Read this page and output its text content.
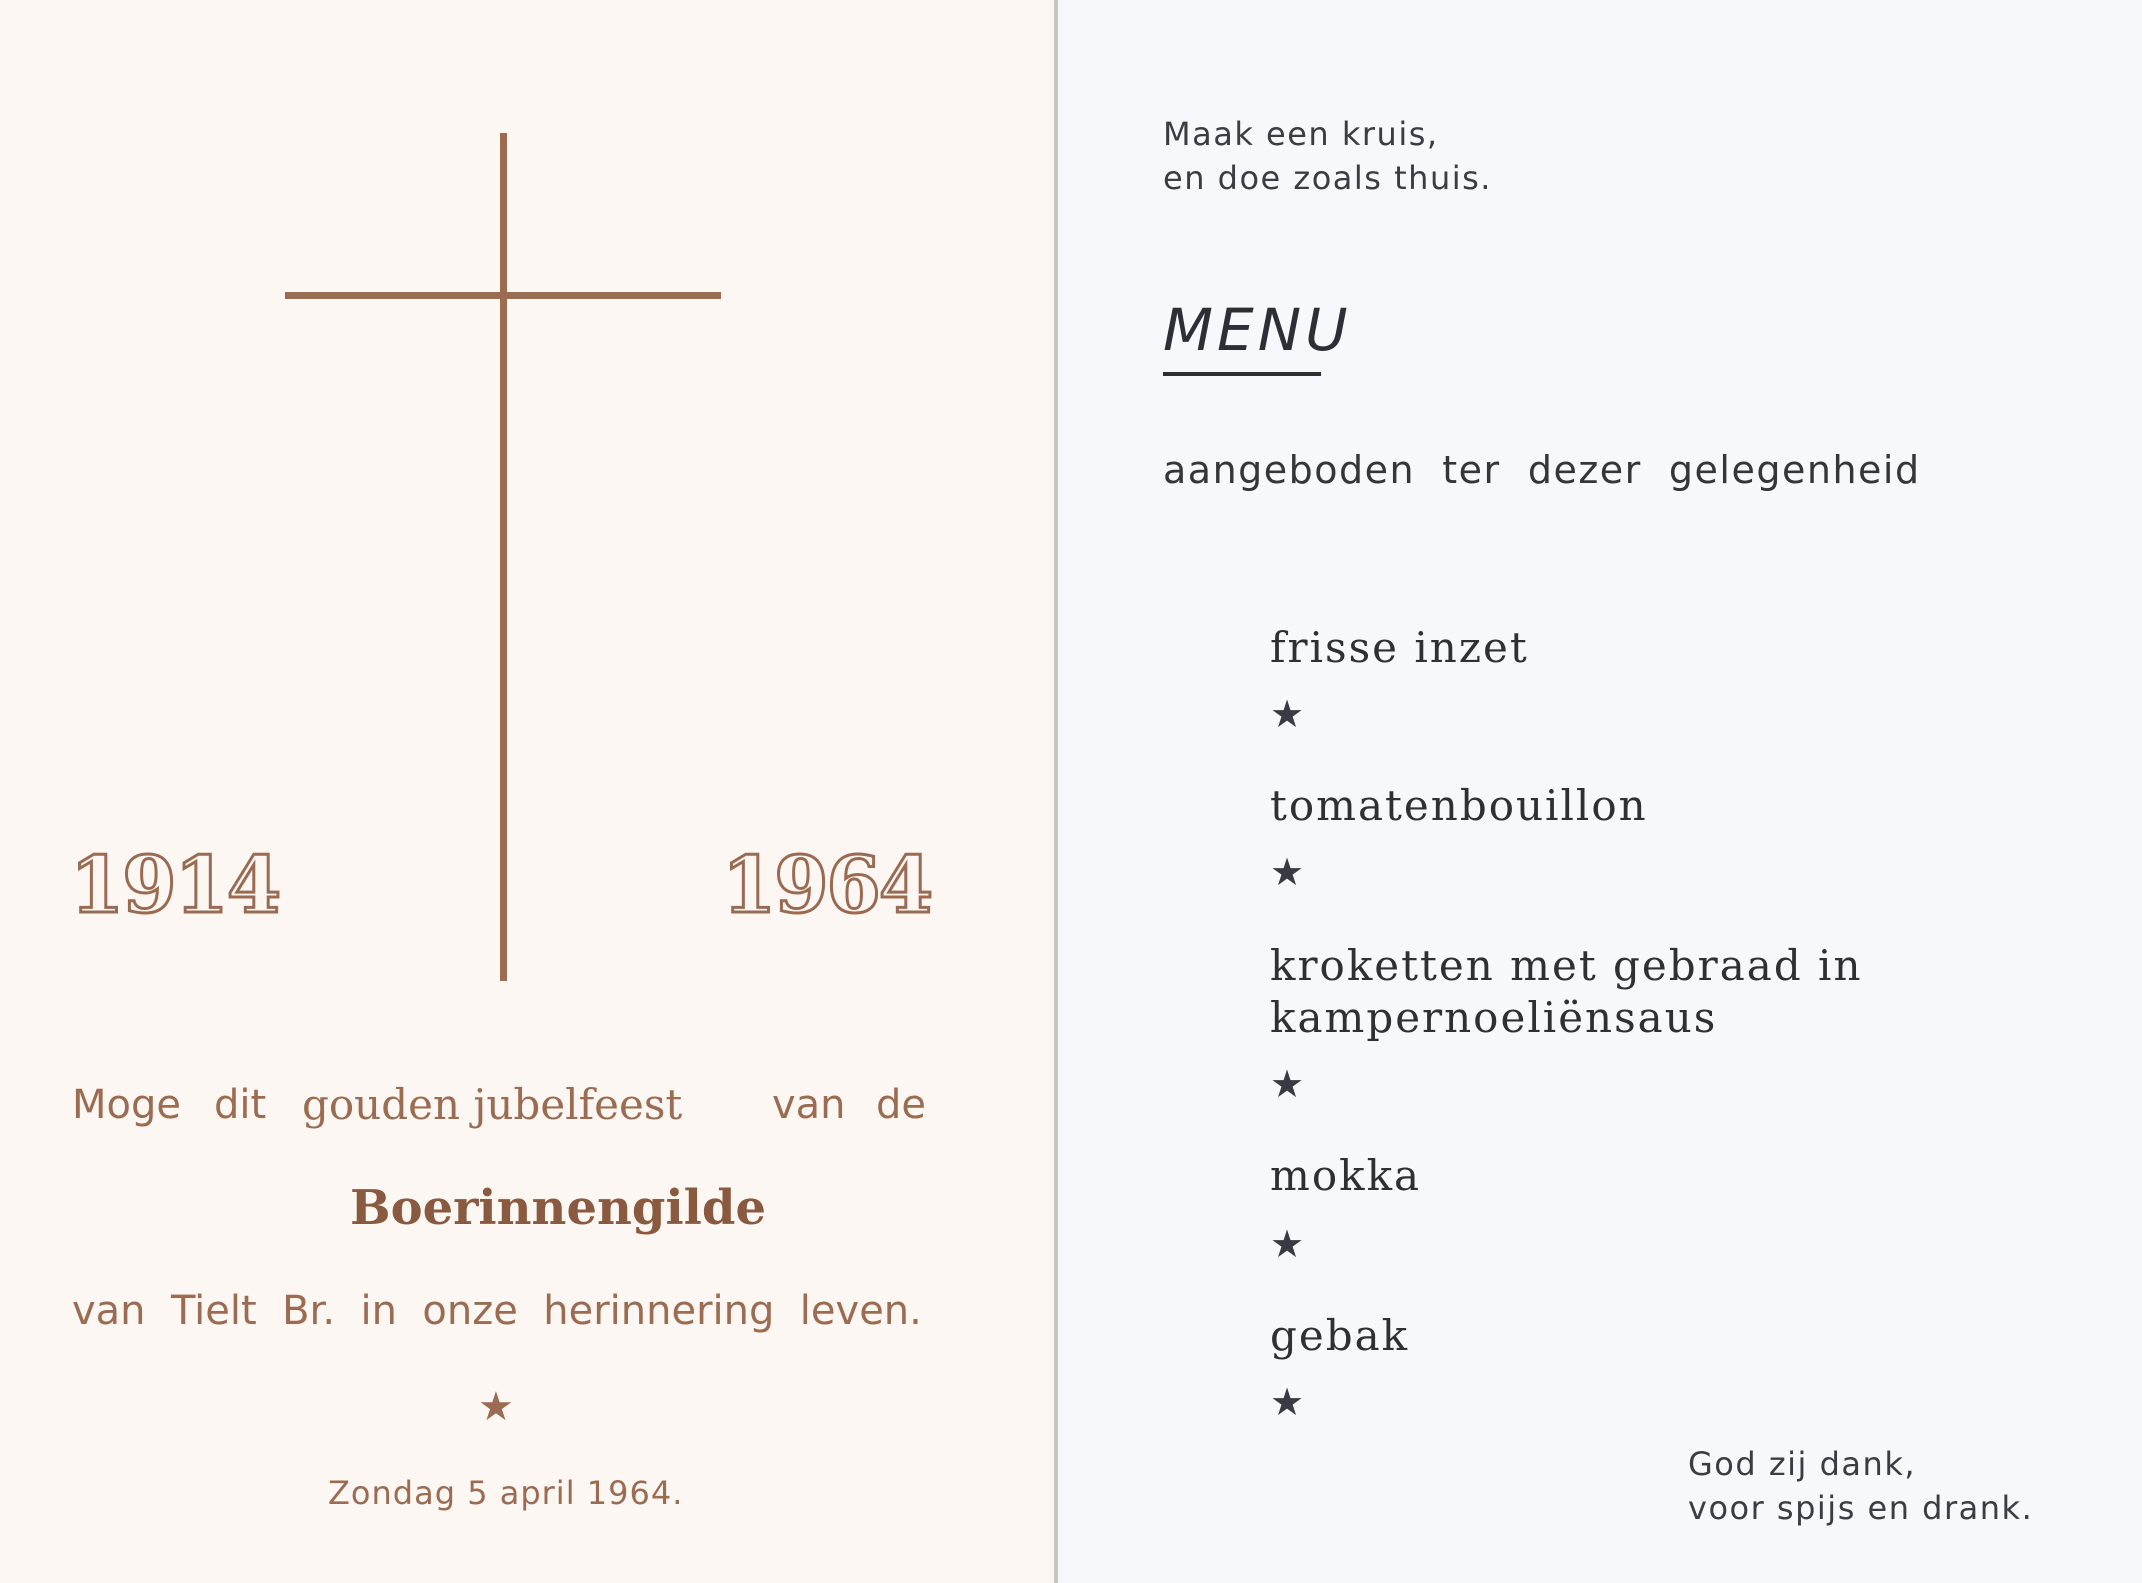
1914	1964

Moge dit gouden jubelfeest van de

Boerinnengilde

van  Tielt  Br.  in  onze  herinnering  leven.

★

Zondag 5 april 1964.

Maak een kruis,

en doe zoals thuis.

MENU

aangeboden  ter  dezer  gelegenheid

frisse inzet

★

tomatenbouillon

★

kroketten met gebraad in

kampernoeliënsaus

★

mokka

★

gebak

★

God zij dank,

voor spijs en drank.
